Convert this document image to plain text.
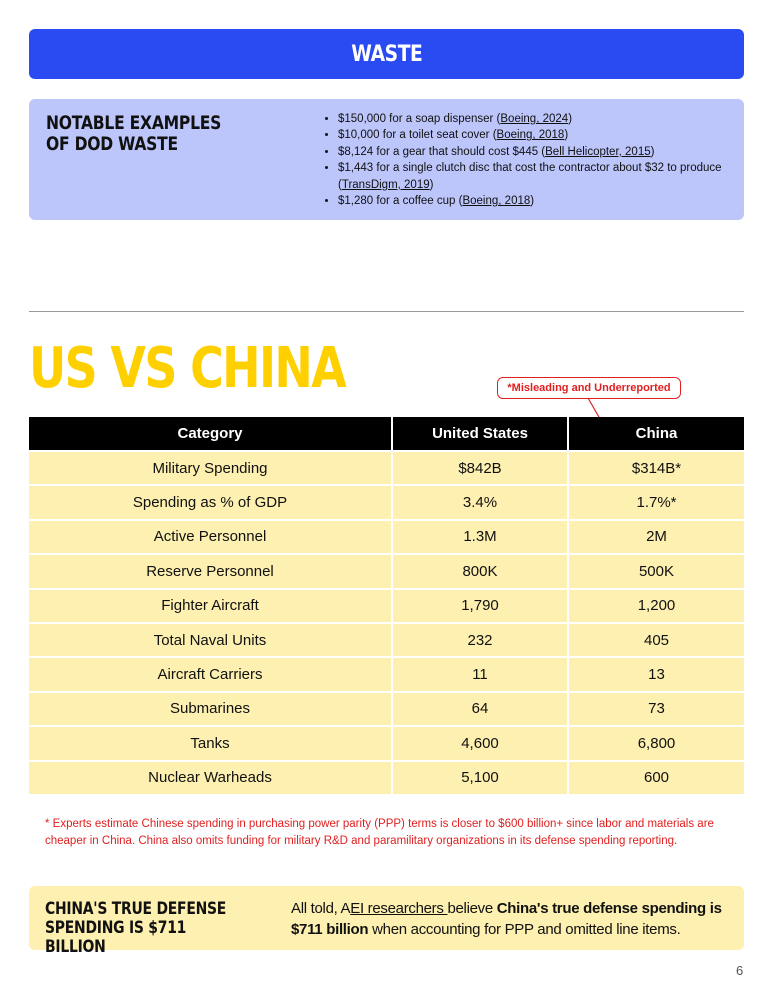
WASTE
NOTABLE EXAMPLES OF DOD WASTE
• $150,000 for a soap dispenser (Boeing, 2024)
• $10,000 for a toilet seat cover (Boeing, 2018)
• $8,124 for a gear that should cost $445 (Bell Helicopter, 2015)
• $1,443 for a single clutch disc that cost the contractor about $32 to produce (TransDigm, 2019)
• $1,280 for a coffee cup (Boeing, 2018)
US VS CHINA	*Misleading and Underreported
Category	United States	China
Military Spending	$842B	$314B*
Spending as % of GDP	3.4%	1.7%*
Active Personnel	1.3M	2M
Reserve Personnel	800K	500K
Fighter Aircraft	1,790	1,200
Total Naval Units	232	405
Aircraft Carriers	11	13
Submarines	64	73
Tanks	4,600	6,800
Nuclear Warheads	5,100	600
* Experts estimate Chinese spending in purchasing power parity (PPP) terms is closer to $600 billion+ since labor and materials are cheaper in China. China also omits funding for military R&D and paramilitary organizations in its defense spending reporting.
CHINA'S TRUE DEFENSE SPENDING IS $711 BILLION
All told, AEI researchers believe China's true defense spending is $711 billion when accounting for PPP and omitted line items.
6
